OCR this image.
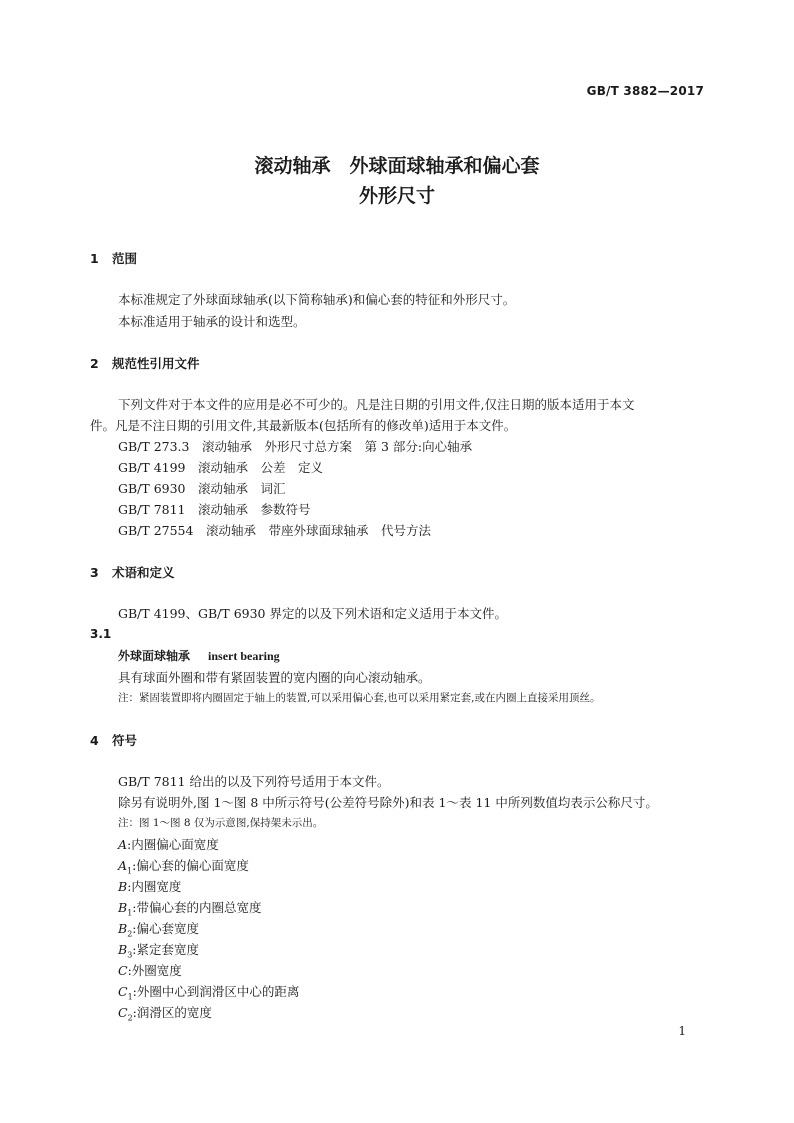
GB/T 3882—2017
滚动轴承　外球面球轴承和偏心套
外形尺寸
1 范围
本标准规定了外球面球轴承(以下简称轴承)和偏心套的特征和外形尺寸。
本标准适用于轴承的设计和选型。
2 规范性引用文件
下列文件对于本文件的应用是必不可少的。凡是注日期的引用文件,仅注日期的版本适用于本文
件。凡是不注日期的引用文件,其最新版本(包括所有的修改单)适用于本文件。
GB/T 273.3　滚动轴承　外形尺寸总方案　第 3 部分:向心轴承
GB/T 4199　滚动轴承　公差　定义
GB/T 6930　滚动轴承　词汇
GB/T 7811　滚动轴承　参数符号
GB/T 27554　滚动轴承　带座外球面球轴承　代号方法
3 术语和定义
GB/T 4199、GB/T 6930 界定的以及下列术语和定义适用于本文件。
3.1
外球面球轴承 insert bearing
具有球面外圈和带有紧固装置的宽内圈的向心滚动轴承。
注：紧固装置即将内圈固定于轴上的装置,可以采用偏心套,也可以采用紧定套,或在内圈上直接采用顶丝。
4 符号
GB/T 7811 给出的以及下列符号适用于本文件。
除另有说明外,图 1～图 8 中所示符号(公差符号除外)和表 1～表 11 中所列数值均表示公称尺寸。
注：图 1～图 8 仅为示意图,保持架未示出。
A:内圈偏心面宽度
$A_1$:偏心套的偏心面宽度
B:内圈宽度
$B_1$:带偏心套的内圈总宽度
$B_2$:偏心套宽度
$B_3$:紧定套宽度
C:外圈宽度
$C_1$:外圈中心到润滑区中心的距离
$C_2$:润滑区的宽度
1
